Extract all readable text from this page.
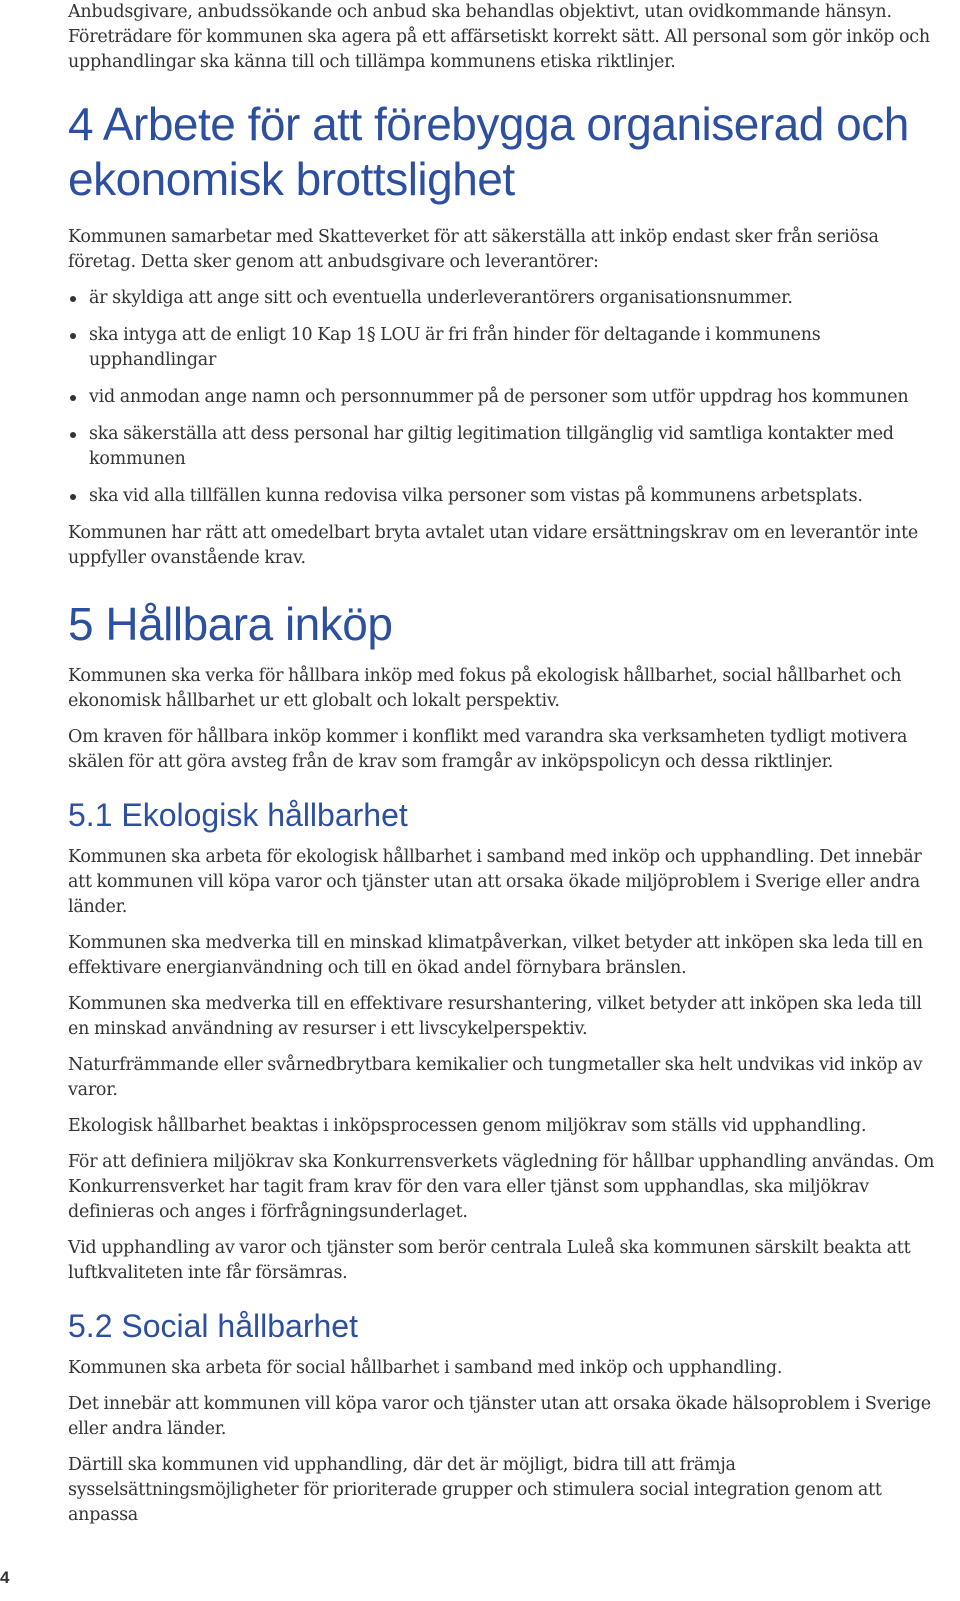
Anbudsgivare, anbudssökande och anbud ska behandlas objektivt, utan ovidkommande hänsyn. Företrädare för kommunen ska agera på ett affärsetiskt korrekt sätt. All personal som gör inköp och upphandlingar ska känna till och tillämpa kommunens etiska riktlinjer.

4 Arbete för att förebygga organiserad och ekonomisk brottslighet

Kommunen samarbetar med Skatteverket för att säkerställa att inköp endast sker från seriösa företag. Detta sker genom att anbudsgivare och leverantörer:

är skyldiga att ange sitt och eventuella underleverantörers organisationsnummer.
ska intyga att de enligt 10 Kap 1§ LOU är fri från hinder för deltagande i kommunens upphandlingar
vid anmodan ange namn och personnummer på de personer som utför uppdrag hos kommunen
ska säkerställa att dess personal har giltig legitimation tillgänglig vid samtliga kontakter med kommunen
ska vid alla tillfällen kunna redovisa vilka personer som vistas på kommunens arbetsplats.

Kommunen har rätt att omedelbart bryta avtalet utan vidare ersättningskrav om en leverantör inte uppfyller ovanstående krav.

5 Hållbara inköp

Kommunen ska verka för hållbara inköp med fokus på ekologisk hållbarhet, social hållbarhet och ekonomisk hållbarhet ur ett globalt och lokalt perspektiv.

Om kraven för hållbara inköp kommer i konflikt med varandra ska verksamheten tydligt motivera skälen för att göra avsteg från de krav som framgår av inköpspolicyn och dessa riktlinjer.

5.1 Ekologisk hållbarhet

Kommunen ska arbeta för ekologisk hållbarhet i samband med inköp och upphandling. Det innebär att kommunen vill köpa varor och tjänster utan att orsaka ökade miljöproblem i Sverige eller andra länder.

Kommunen ska medverka till en minskad klimatpåverkan, vilket betyder att inköpen ska leda till en effektivare energianvändning och till en ökad andel förnybara bränslen.

Kommunen ska medverka till en effektivare resurshantering, vilket betyder att inköpen ska leda till en minskad användning av resurser i ett livscykelperspektiv.

Naturfrämmande eller svårnedbrytbara kemikalier och tungmetaller ska helt undvikas vid inköp av varor.

Ekologisk hållbarhet beaktas i inköpsprocessen genom miljökrav som ställs vid upphandling.

För att definiera miljökrav ska Konkurrensverkets vägledning för hållbar upphandling användas. Om Konkurrensverket har tagit fram krav för den vara eller tjänst som upphandlas, ska miljökrav definieras och anges i förfrågningsunderlaget.

Vid upphandling av varor och tjänster som berör centrala Luleå ska kommunen särskilt beakta att luftkvaliteten inte får försämras.

5.2 Social hållbarhet

Kommunen ska arbeta för social hållbarhet i samband med inköp och upphandling.

Det innebär att kommunen vill köpa varor och tjänster utan att orsaka ökade hälsoproblem i Sverige eller andra länder.

Därtill ska kommunen vid upphandling, där det är möjligt, bidra till att främja sysselsättningsmöjligheter för prioriterade grupper och stimulera social integration genom att anpassa

4
